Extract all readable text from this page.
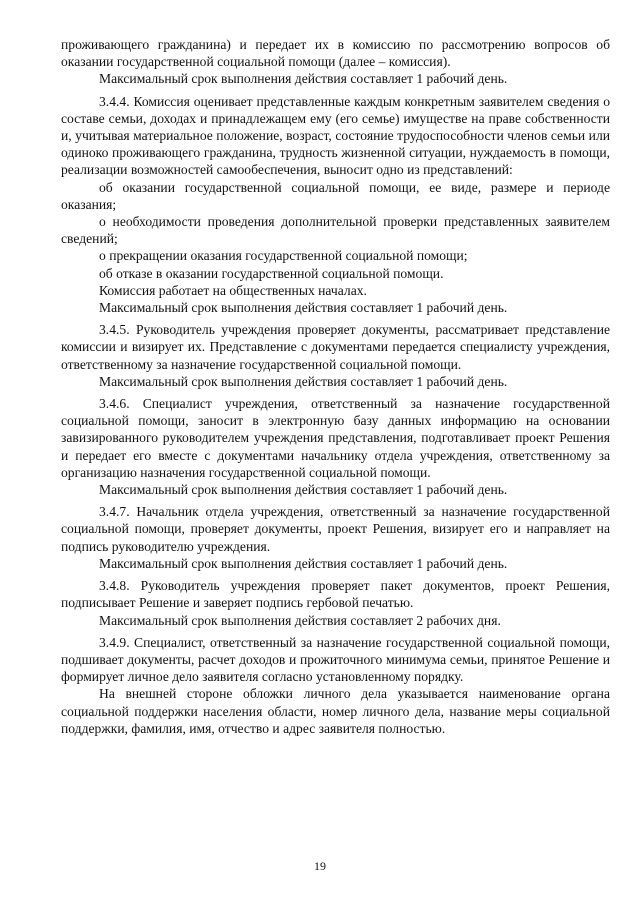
проживающего гражданина) и передает их в комиссию по рассмотрению вопросов об оказании государственной социальной помощи (далее – комиссия).

Максимальный срок выполнения действия составляет 1 рабочий день.

3.4.4. Комиссия оценивает представленные каждым конкретным заявителем сведения о составе семьи, доходах и принадлежащем ему (его семье) имуществе на праве собственности и, учитывая материальное положение, возраст, состояние трудоспособности членов семьи или одиноко проживающего гражданина, трудность жизненной ситуации, нуждаемость в помощи, реализации возможностей самообеспечения, выносит одно из представлений:

об оказании государственной социальной помощи, ее виде, размере и периоде оказания;

о необходимости проведения дополнительной проверки представленных заявителем сведений;

о прекращении оказания государственной социальной помощи;

об отказе в оказании государственной социальной помощи.

Комиссия работает на общественных началах.

Максимальный срок выполнения действия составляет 1 рабочий день.

3.4.5. Руководитель учреждения проверяет документы, рассматривает представление комиссии и визирует их. Представление с документами передается специалисту учреждения, ответственному за назначение государственной социальной помощи.

Максимальный срок выполнения действия составляет 1 рабочий день.

3.4.6. Специалист учреждения, ответственный за назначение государственной социальной помощи, заносит в электронную базу данных информацию на основании завизированного руководителем учреждения представления, подготавливает проект Решения и передает его вместе с документами начальнику отдела учреждения, ответственному за организацию назначения государственной социальной помощи.

Максимальный срок выполнения действия составляет 1 рабочий день.

3.4.7. Начальник отдела учреждения, ответственный за назначение государственной социальной помощи, проверяет документы, проект Решения, визирует его и направляет на подпись руководителю учреждения.

Максимальный срок выполнения действия составляет 1 рабочий день.

3.4.8. Руководитель учреждения проверяет пакет документов, проект Решения, подписывает Решение и заверяет подпись гербовой печатью.

Максимальный срок выполнения действия составляет 2 рабочих дня.

3.4.9. Специалист, ответственный за назначение государственной социальной помощи, подшивает документы, расчет доходов и прожиточного минимума семьи, принятое Решение и формирует личное дело заявителя согласно установленному порядку.

На внешней стороне обложки личного дела указывается наименование органа социальной поддержки населения области, номер личного дела, название меры социальной поддержки, фамилия, имя, отчество и адрес заявителя полностью.

19
